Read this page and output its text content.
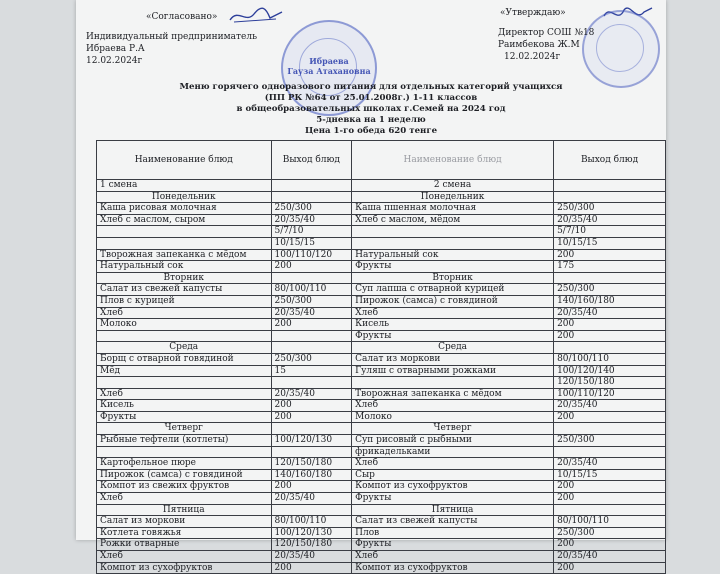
«Согласовано»
Индивидуальный предприниматель
Ибраева Р.А
12.02.2024г	Ибраева
Гауза Атахановна
«Утверждаю»
Директор СОШ №18
Раимбекова Ж.М
12.02.2024г
Меню горячего одноразового питания для отдельных категорий учащихся
(ПП РК №64 от 25.01.2008г.) 1-11 классов
в общеобразовательных школах г.Семей на 2024 год
5-дневка на 1 неделю
Цена 1-го обеда 620 тенге
Наименование блюд	Выход блюд	Наименование блюд	Выход блюд
1 смена		2 смена	
Понедельник		Понедельник	
Каша рисовая молочная	250/300	Каша пшенная молочная	250/300
Хлеб с маслом, сыром	20/35/40	Хлеб с маслом, мёдом	20/35/40
	5/7/10		5/7/10
	10/15/15		10/15/15
Творожная запеканка с мёдом	100/110/120	Натуральный сок	200
Натуральный сок	200	Фрукты	175
Вторник		Вторник	
Салат из свежей капусты	80/100/110	Суп лапша с отварной курицей	250/300
Плов с курицей	250/300	Пирожок (самса) с говядиной	140/160/180
Хлеб	20/35/40	Хлеб	20/35/40
Молоко	200	Кисель	200
		Фрукты	200
Среда		Среда	
Борщ с отварной говядиной	250/300	Салат из моркови	80/100/110
Мёд	15	Гуляш с отварными рожками	100/120/140
			120/150/180
Хлеб	20/35/40	Творожная запеканка с мёдом	100/110/120
Кисель	200	Хлеб	20/35/40
Фрукты	200	Молоко	200
Четверг		Четверг	
Рыбные тефтели (котлеты)	100/120/130	Суп рисовый с рыбными	250/300
		фрикадельками	
Картофельное пюре	120/150/180	Хлеб	20/35/40
Пирожок (самса) с говядиной	140/160/180	Сыр	10/15/15
Компот из свежих фруктов	200	Компот из сухофруктов	200
Хлеб	20/35/40	Фрукты	200
Пятница		Пятница	
Салат из моркови	80/100/110	Салат из свежей капусты	80/100/110
Котлета говяжья	100/120/130	Плов	250/300
Рожки отварные	120/150/180	Фрукты	200
Хлеб	20/35/40	Хлеб	20/35/40
Компот из сухофруктов	200	Компот из сухофруктов	200
